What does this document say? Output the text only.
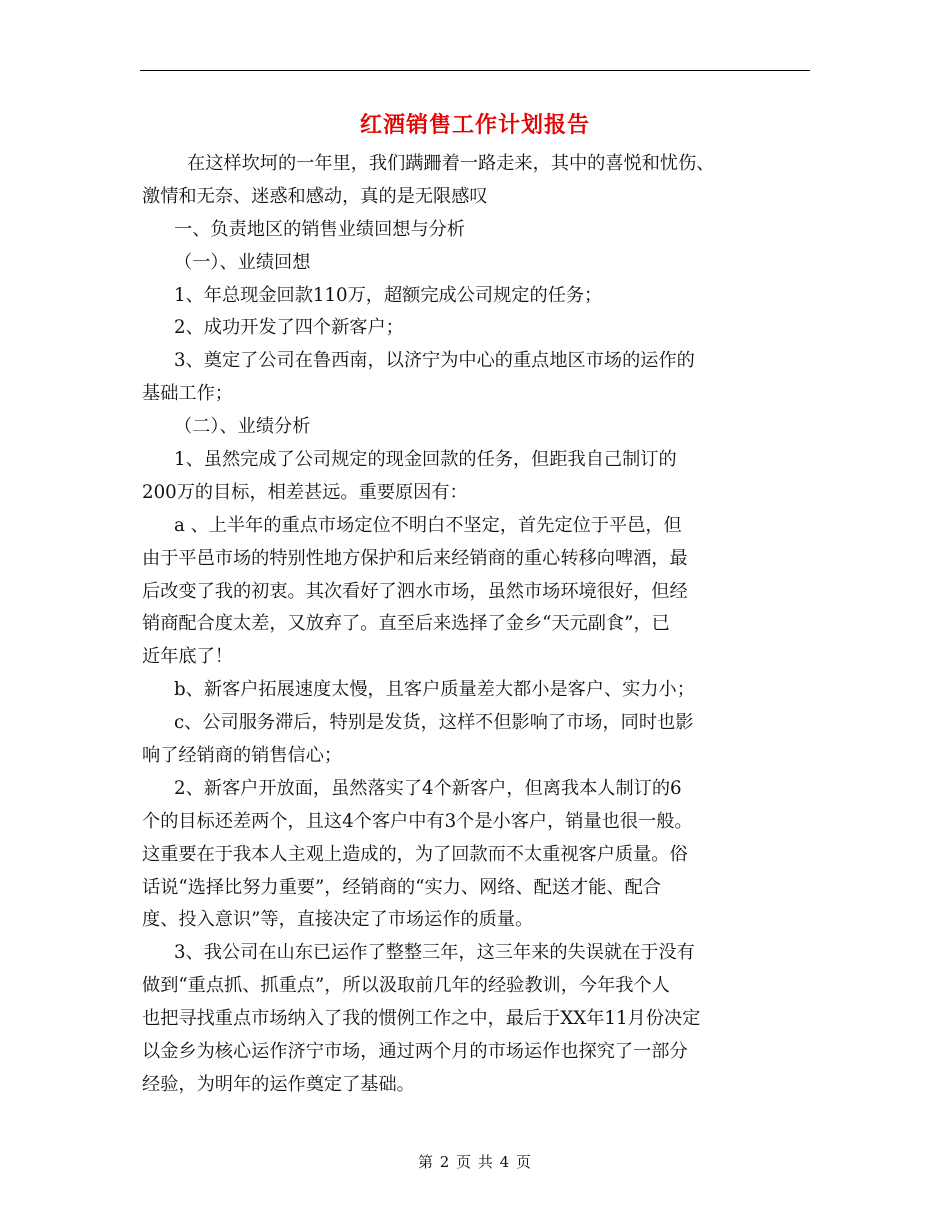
红酒销售工作计划报告
在这样坎坷的一年里，我们蹒跚着一路走来，其中的喜悦和忧伤、
激情和无奈、迷惑和感动，真的是无限感叹
一、负责地区的销售业绩回想与分析
（一）、业绩回想
1、年总现金回款110万，超额完成公司规定的任务；
2、成功开发了四个新客户；
3、奠定了公司在鲁西南，以济宁为中心的重点地区市场的运作的
基础工作；
（二）、业绩分析
1、虽然完成了公司规定的现金回款的任务，但距我自己制订的
200万的目标，相差甚远。重要原因有：
a 、上半年的重点市场定位不明白不坚定，首先定位于平邑，但
由于平邑市场的特别性地方保护和后来经销商的重心转移向啤酒，最
后改变了我的初衷。其次看好了泗水市场，虽然市场环境很好，但经
销商配合度太差，又放弃了。直至后来选择了金乡“天元副食”，已
近年底了！
b、新客户拓展速度太慢，且客户质量差大都小是客户、实力小；
c、公司服务滞后，特别是发货，这样不但影响了市场，同时也影
响了经销商的销售信心；
2、新客户开放面，虽然落实了4个新客户，但离我本人制订的6
个的目标还差两个，且这4个客户中有3个是小客户，销量也很一般。
这重要在于我本人主观上造成的，为了回款而不太重视客户质量。俗
话说“选择比努力重要”，经销商的“实力、网络、配送才能、配合
度、投入意识”等，直接决定了市场运作的质量。
3、我公司在山东已运作了整整三年，这三年来的失误就在于没有
做到“重点抓、抓重点”，所以汲取前几年的经验教训，今年我个人
也把寻找重点市场纳入了我的惯例工作之中，最后于XX年11月份决定
以金乡为核心运作济宁市场，通过两个月的市场运作也探究了一部分
经验，为明年的运作奠定了基础。
第 2 页 共 4 页
